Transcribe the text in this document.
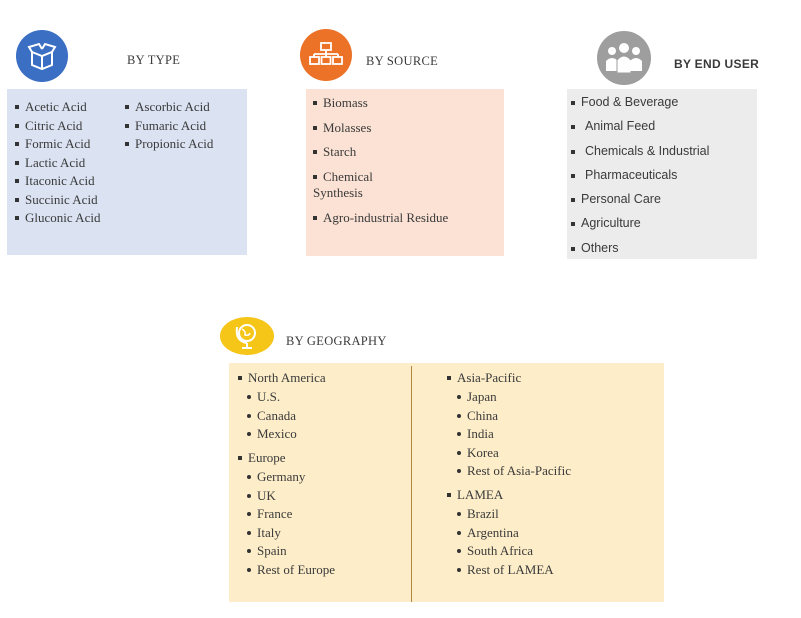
BY TYPE
Acetic Acid
Citric Acid
Formic Acid
Lactic Acid
Itaconic Acid
Succinic Acid
Gluconic Acid
Ascorbic Acid
Fumaric Acid
Propionic Acid
BY SOURCE
Biomass
Molasses
Starch
Chemical
Synthesis
Agro-industrial Residue
BY END USER
Food & Beverage
Animal Feed
Chemicals & Industrial
Pharmaceuticals
Personal Care
Agriculture
Others
BY GEOGRAPHY
North America
U.S.
Canada
Mexico
Europe
Germany
UK
France
Italy
Spain
Rest of Europe
Asia-Pacific
Japan
China
India
Korea
Rest of Asia-Pacific
LAMEA
Brazil
Argentina
South Africa
Rest of LAMEA
